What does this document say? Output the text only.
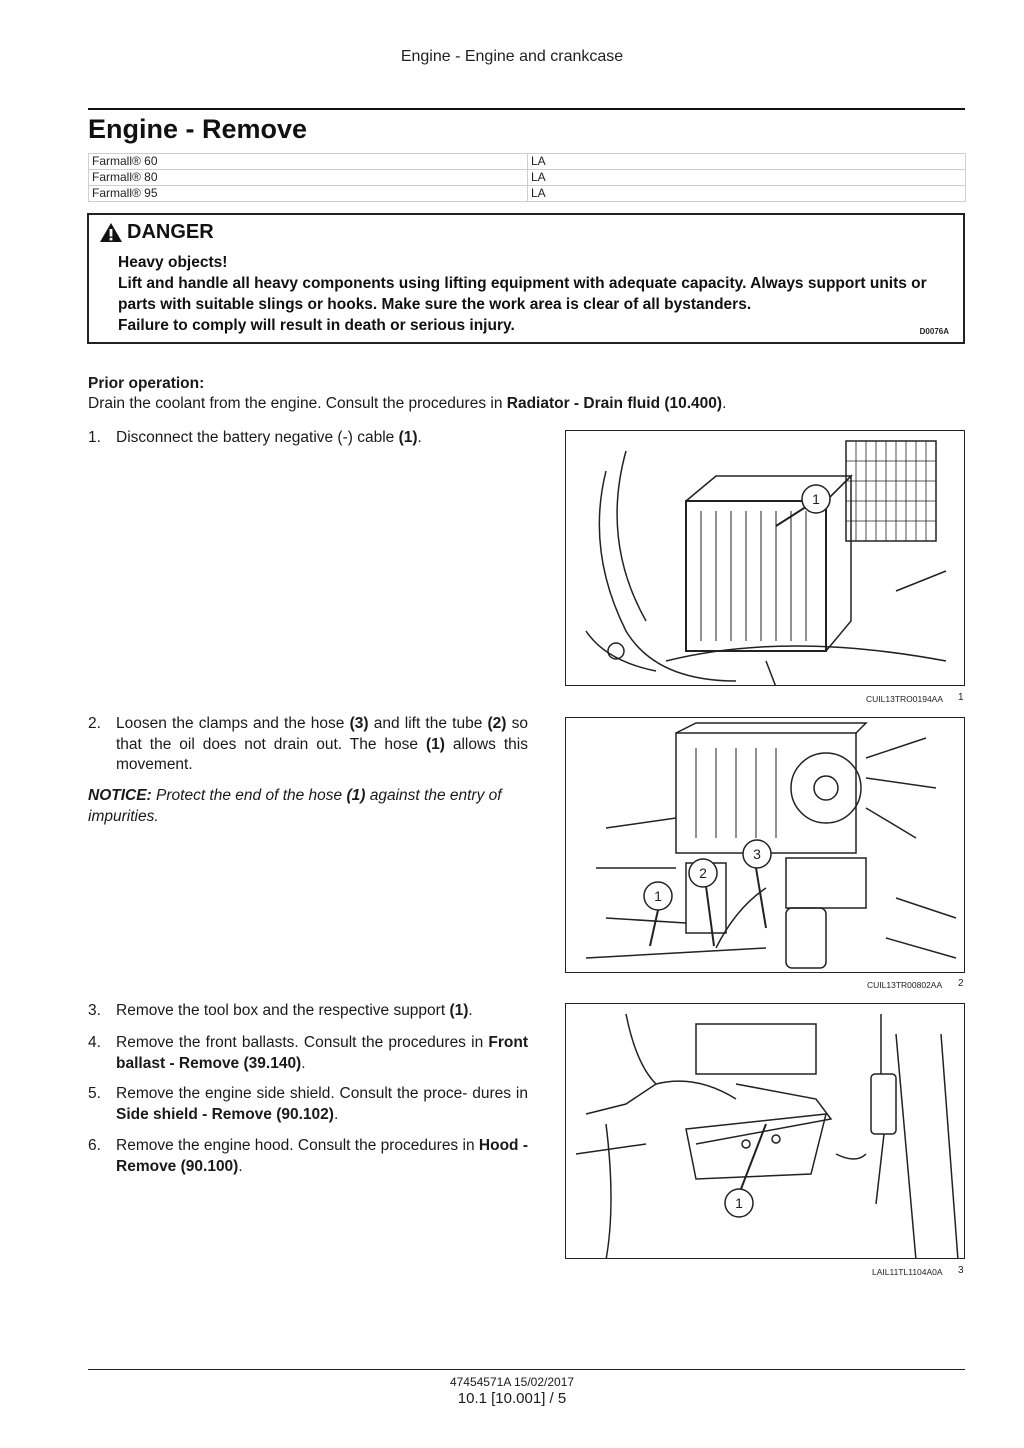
Engine - Engine and crankcase
Engine - Remove
Farmall® 60	LA
Farmall® 80	LA
Farmall® 95	LA
DANGER
Heavy objects!
Lift and handle all heavy components using lifting equipment with adequate capacity. Always support units or parts with suitable slings or hooks. Make sure the work area is clear of all bystanders.
Failure to comply will result in death or serious injury.	D0076A
Prior operation:
Drain the coolant from the engine. Consult the procedures in Radiator - Drain fluid (10.400).
1. Disconnect the battery negative (-) cable (1).
2. Loosen the clamps and the hose (3) and lift the tube (2) so that the oil does not drain out. The hose (1) allows this movement.
NOTICE: Protect the end of the hose (1) against the entry of impurities.
3. Remove the tool box and the respective support (1).
4. Remove the front ballasts. Consult the procedures in Front ballast - Remove (39.140).
5. Remove the engine side shield. Consult the proce- dures in Side shield - Remove (90.102).
6. Remove the engine hood. Consult the procedures in Hood - Remove (90.100).
1
CUIL13TRO0194AA 1
1
2
3
CUIL13TR00802AA 2
1
LAIL11TL1104A0A 3
47454571A 15/02/2017
10.1 [10.001] / 5
